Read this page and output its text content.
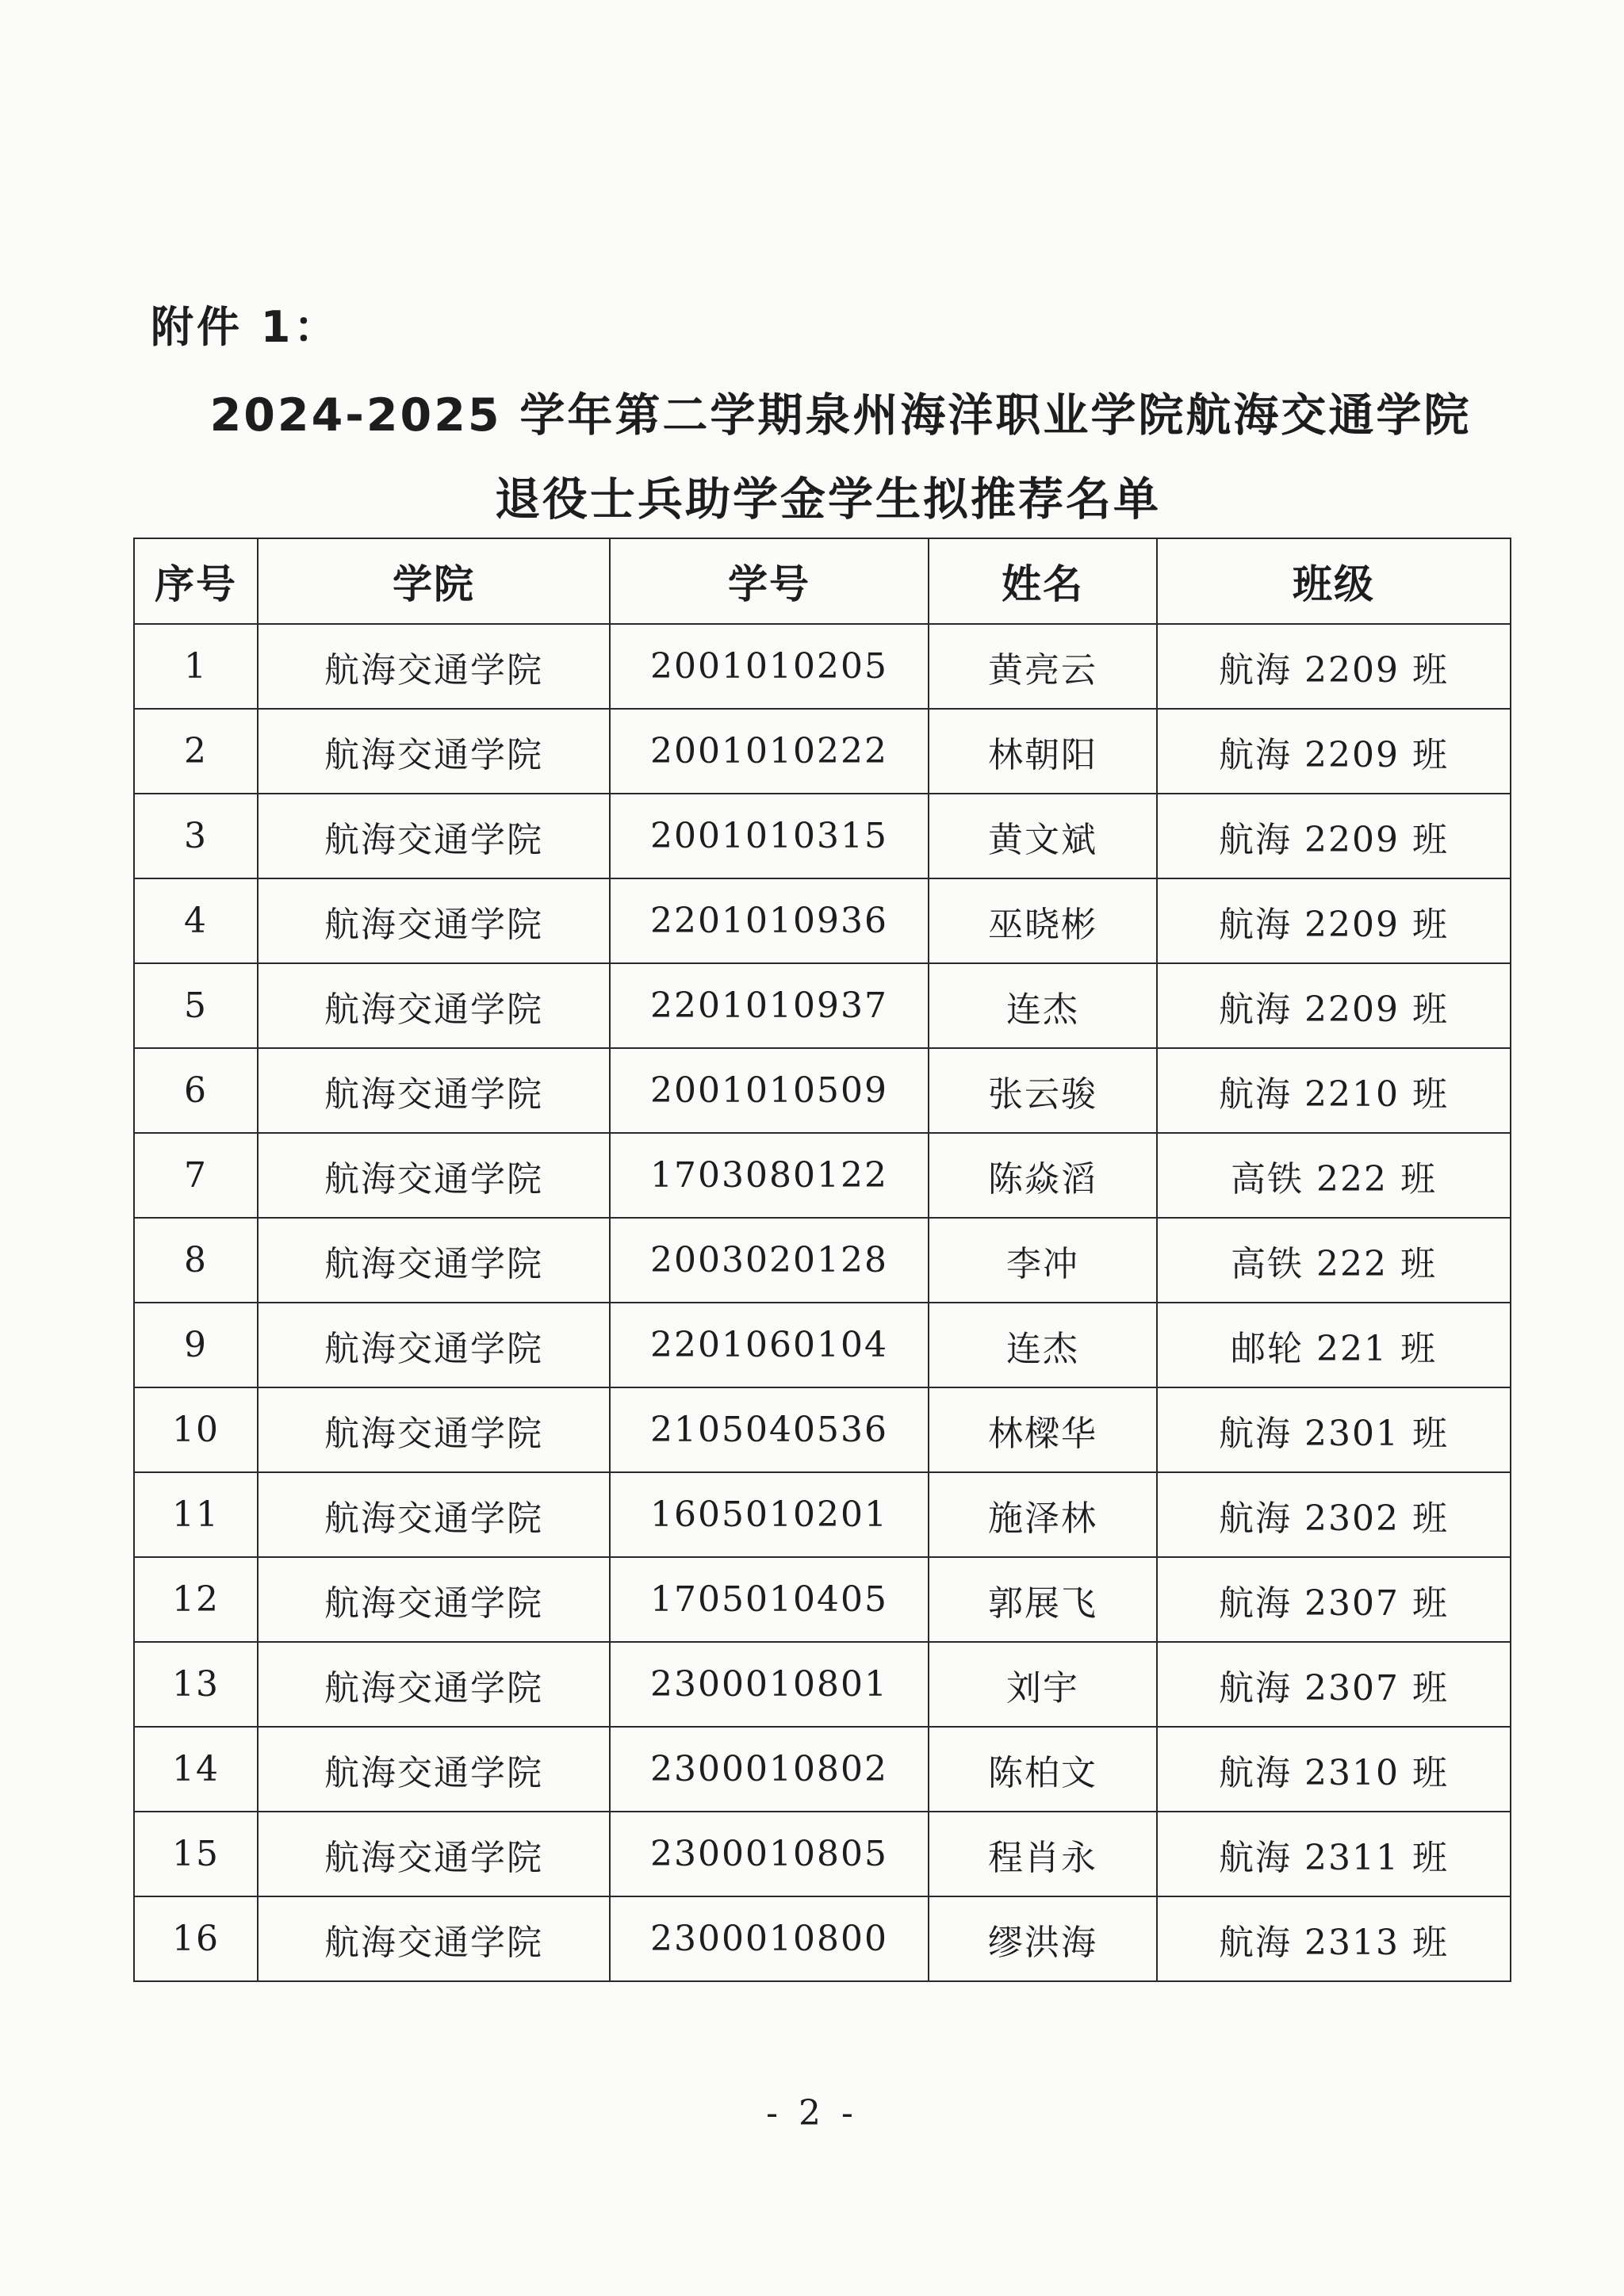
附件 1：
2024-2025 学年第二学期泉州海洋职业学院航海交通学院
退役士兵助学金学生拟推荐名单
序号	学院	学号	姓名	班级
1	航海交通学院	2001010205	黄亮云	航海 2209 班
2	航海交通学院	2001010222	林朝阳	航海 2209 班
3	航海交通学院	2001010315	黄文斌	航海 2209 班
4	航海交通学院	2201010936	巫晓彬	航海 2209 班
5	航海交通学院	2201010937	连杰	航海 2209 班
6	航海交通学院	2001010509	张云骏	航海 2210 班
7	航海交通学院	1703080122	陈焱滔	高铁 222 班
8	航海交通学院	2003020128	李冲	高铁 222 班
9	航海交通学院	2201060104	连杰	邮轮 221 班
10	航海交通学院	2105040536	林樑华	航海 2301 班
11	航海交通学院	1605010201	施泽林	航海 2302 班
12	航海交通学院	1705010405	郭展飞	航海 2307 班
13	航海交通学院	2300010801	刘宇	航海 2307 班
14	航海交通学院	2300010802	陈柏文	航海 2310 班
15	航海交通学院	2300010805	程肖永	航海 2311 班
16	航海交通学院	2300010800	缪洪海	航海 2313 班
- 2 -
